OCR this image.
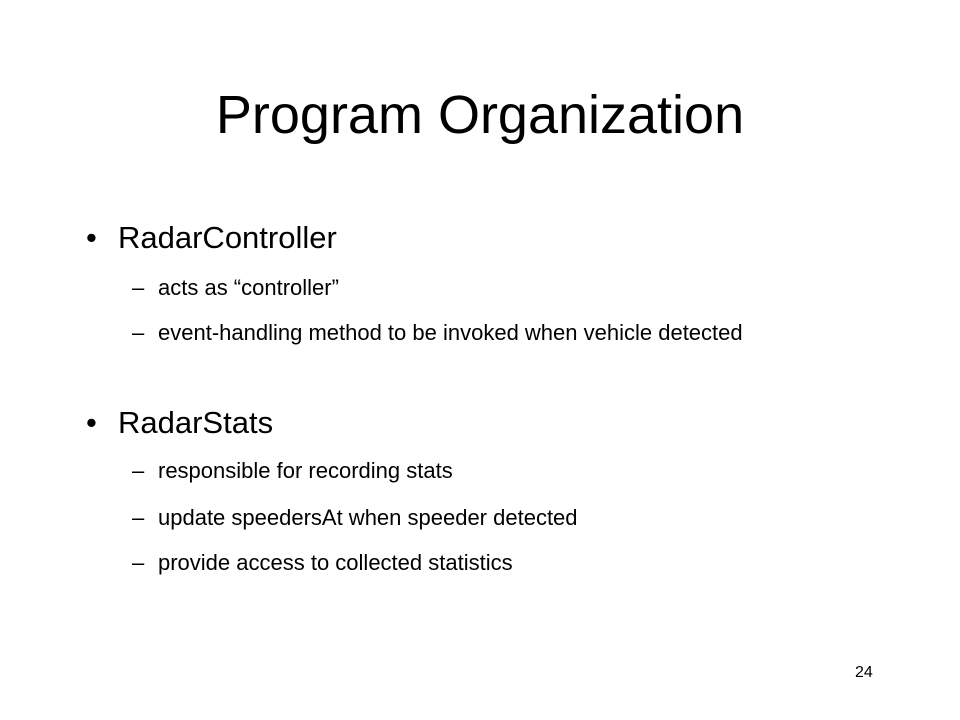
Program Organization
• RadarController
– acts as “controller”
– event-handling method to be invoked when vehicle detected
• RadarStats
– responsible for recording stats
– update speedersAt when speeder detected
– provide access to collected statistics
24
